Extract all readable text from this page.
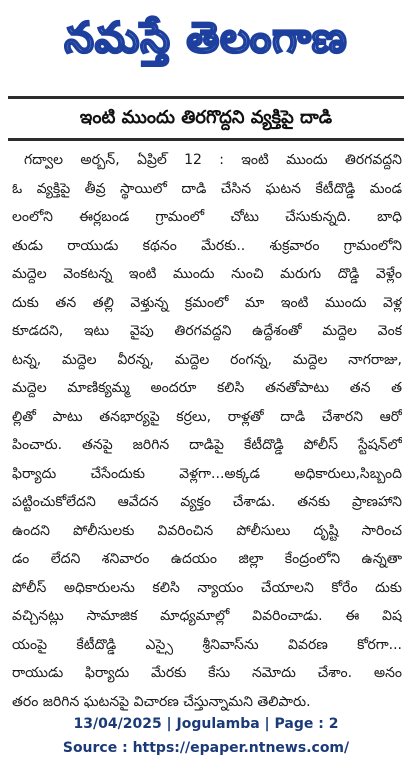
నమస్తే తెలంగాణ
ఇంటి ముందు తిరగొద్దని వ్యక్తిపై దాడి
గద్వాల అర్బన్‌, ఏప్రిల్‌ 12 : ఇంటి ముందు తిరగవద్దని
ఓ వ్యక్తిపై తీవ్ర స్థాయిలో దాడి చేసిన ఘటన కేటీదొడ్డి మండ
లంలోని ఈర్లబండ గ్రామంలో చోటు చేసుకున్నది. బాధి
తుడు రాయుడు కథనం మేరకు.. శుక్రవారం గ్రామంలోని
మద్దెల వెంకటన్న ఇంటి ముందు నుంచి మరుగు దొడ్డి వెళ్లేం
దుకు తన తల్లి వెళ్తున్న క్రమంలో మా ఇంటి ముందు వెళ్ల
కూడదని, ఇటు వైపు తిరగవద్దని ఉద్దేశంతో మద్దెల వెంక
టన్న, మద్దెల వీరన్న, మద్దెల రంగన్న, మద్దెల నాగరాజు,
మద్దెల మాణిక్యమ్మ అందరూ కలిసి తనతోపాటు తన త
ల్లితో పాటు తనభార్యపై కర్రలు, రాళ్లతో దాడి చేశారని ఆరో
పించారు. తనపై జరిగిన దాడిపై కేటీదొడ్డి పోలీస్‌ స్టేషన్‌లో
ఫిర్యాదు చేసేందుకు వెళ్లగా...అక్కడ అధికారులు,సిబ్బంది
పట్టించుకోలేదని ఆవేదన వ్యక్తం చేశాడు. తనకు ప్రాణహాని
ఉందని పోలీసులకు వివరించిన పోలీసులు దృష్టి సారించ
డం లేదని శనివారం ఉదయం జిల్లా కేంద్రంలోని ఉన్నతా
పోలీస్‌ అధికారులను కలిసి న్యాయం చేయాలని కోరేం దుకు
వచ్చినట్లు సామాజిక మాధ్యమాల్లో వివరించాడు. ఈ విష
యంపై కేటీదొడ్డి ఎస్సై శ్రీనివాస్‌ను వివరణ కోరగా...
రాయుడు ఫిర్యాదు మేరకు కేసు నమోదు చేశాం. అనం
తరం జరిగిన ఘటనపై విచారణ చేస్తున్నామని తెలిపారు.
13/04/2025 | Jogulamba | Page : 2
Source : https://epaper.ntnews.com/
